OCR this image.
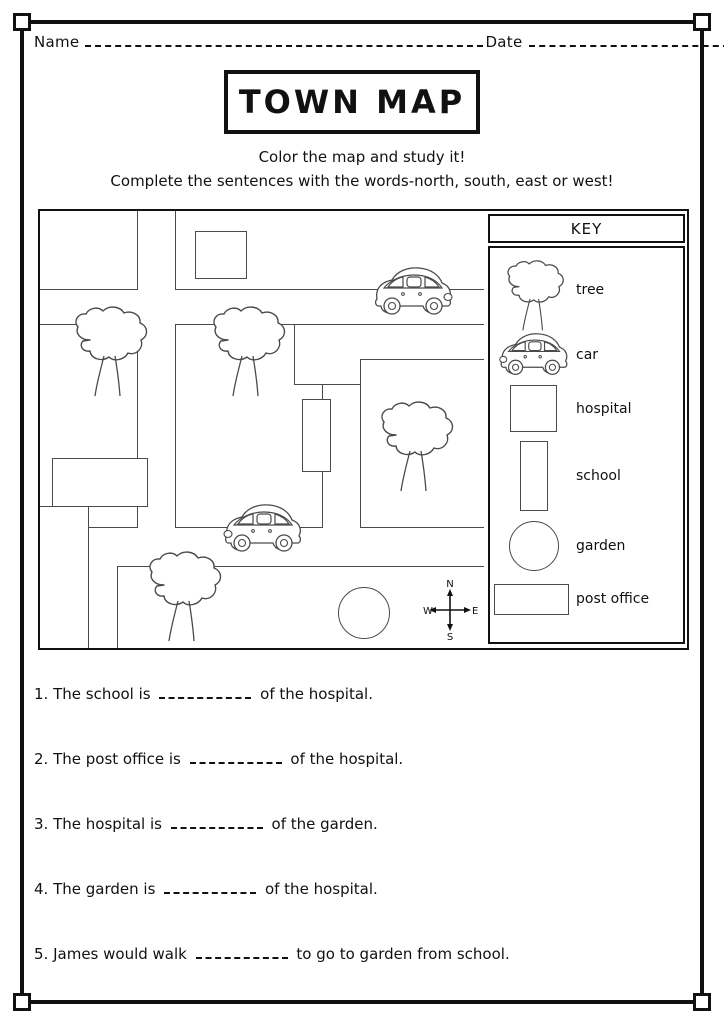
Name	Date
TOWN MAP
Color the map and study it!
Complete the sentences with the words-north, south, east or west!
N
S
W	E
KEY
tree
car
hospital
school
garden
post office
1. The school is	of the hospital.
2. The post office is	of the hospital.
3. The hospital is	of the garden.
4. The garden is	of the hospital.
5. James would walk	to go to garden from school.
